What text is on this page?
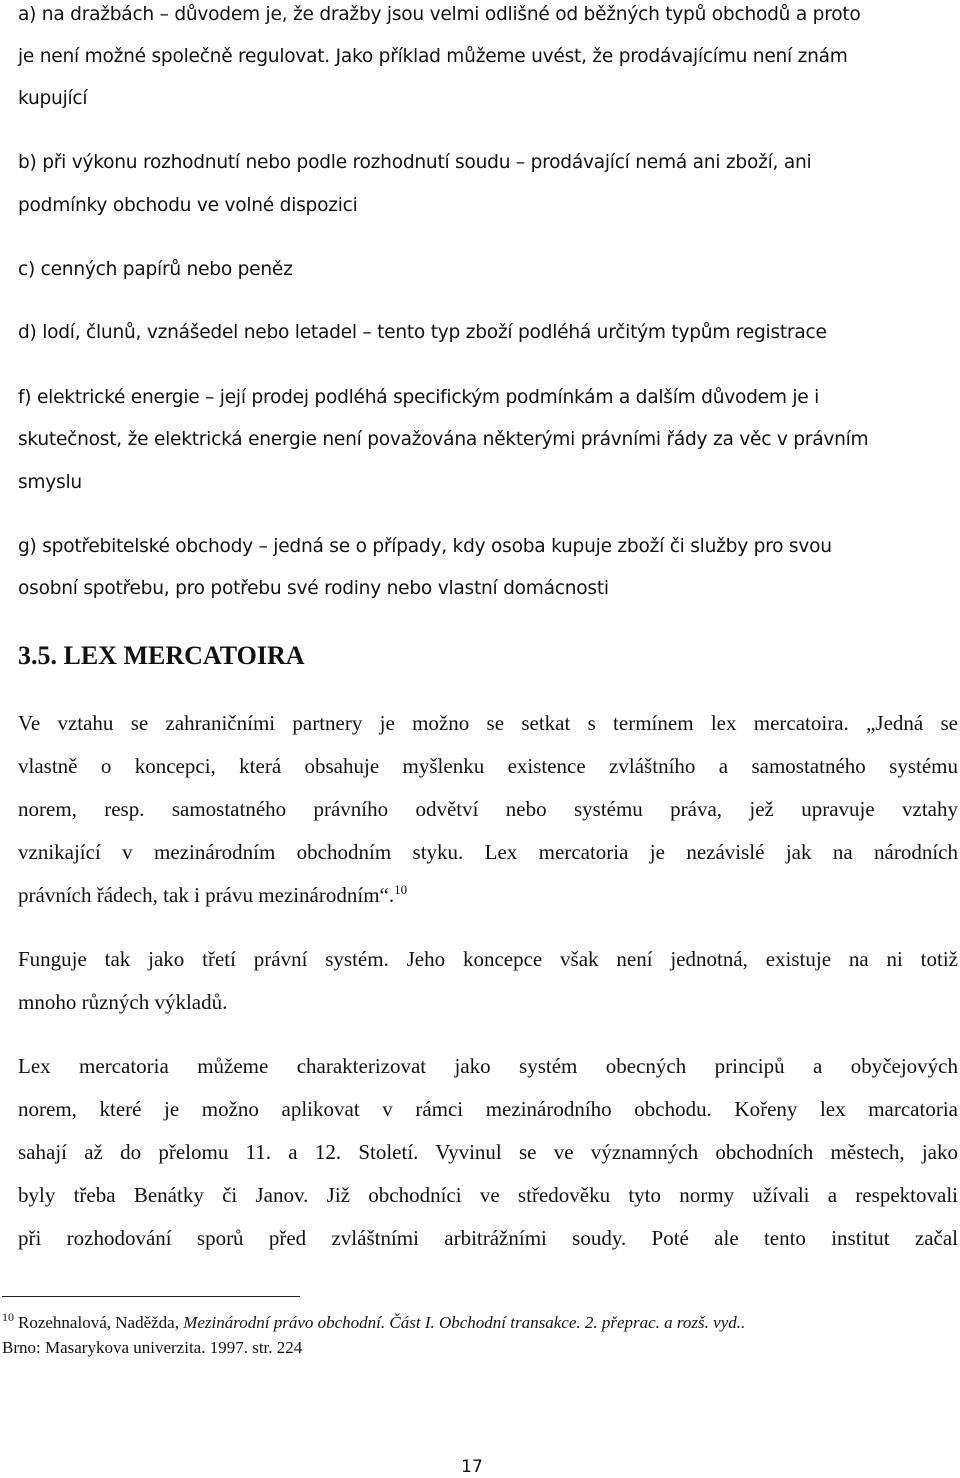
a) na dražbách – důvodem je, že dražby jsou velmi odlišné od běžných typů obchodů a proto

je není možné společně regulovat. Jako příklad můžeme uvést, že prodávajícímu není znám

kupující

b) při výkonu rozhodnutí nebo podle rozhodnutí soudu – prodávající nemá ani zboží, ani

podmínky obchodu ve volné dispozici

c) cenných papírů nebo peněz

d) lodí, člunů, vznášedel nebo letadel – tento typ zboží podléhá určitým typům registrace

f) elektrické energie – její prodej podléhá specifickým podmínkám a dalším důvodem je i

skutečnost, že elektrická energie není považována některými právními řády za věc v právním

smyslu

g) spotřebitelské obchody – jedná se o případy, kdy osoba kupuje zboží či služby pro svou

osobní spotřebu, pro potřebu své rodiny nebo vlastní domácnosti

3.5. LEX MERCATOIRA

Ve vztahu se zahraničními partnery je možno se setkat s termínem lex mercatoira. „Jedná se

vlastně o koncepci, která obsahuje myšlenku existence zvláštního a samostatného systému

norem, resp. samostatného právního odvětví nebo systému práva, jež upravuje vztahy

vznikající v mezinárodním obchodním styku. Lex mercatoria je nezávislé jak na národních

právních řádech, tak i právu mezinárodním“.$^{10}$

Funguje tak jako třetí právní systém. Jeho koncepce však není jednotná, existuje na ni totiž

mnoho různých výkladů.

Lex mercatoria můžeme charakterizovat jako systém obecných principů a obyčejových

norem, které je možno aplikovat v rámci mezinárodního obchodu. Kořeny lex marcatoria

sahají až do přelomu 11. a 12. Století. Vyvinul se ve významných obchodních městech, jako

byly třeba Benátky či Janov. Již obchodníci ve středověku tyto normy užívali a respektovali

při rozhodování sporů před zvláštními arbitrážními soudy. Poté ale tento institut začal

$^{10}$ Rozehnalová, Naděžda, Mezinárodní právo obchodní. Část I. Obchodní transakce. 2. přeprac. a rozš. vyd..

Brno: Masarykova univerzita. 1997. str. 224

17
